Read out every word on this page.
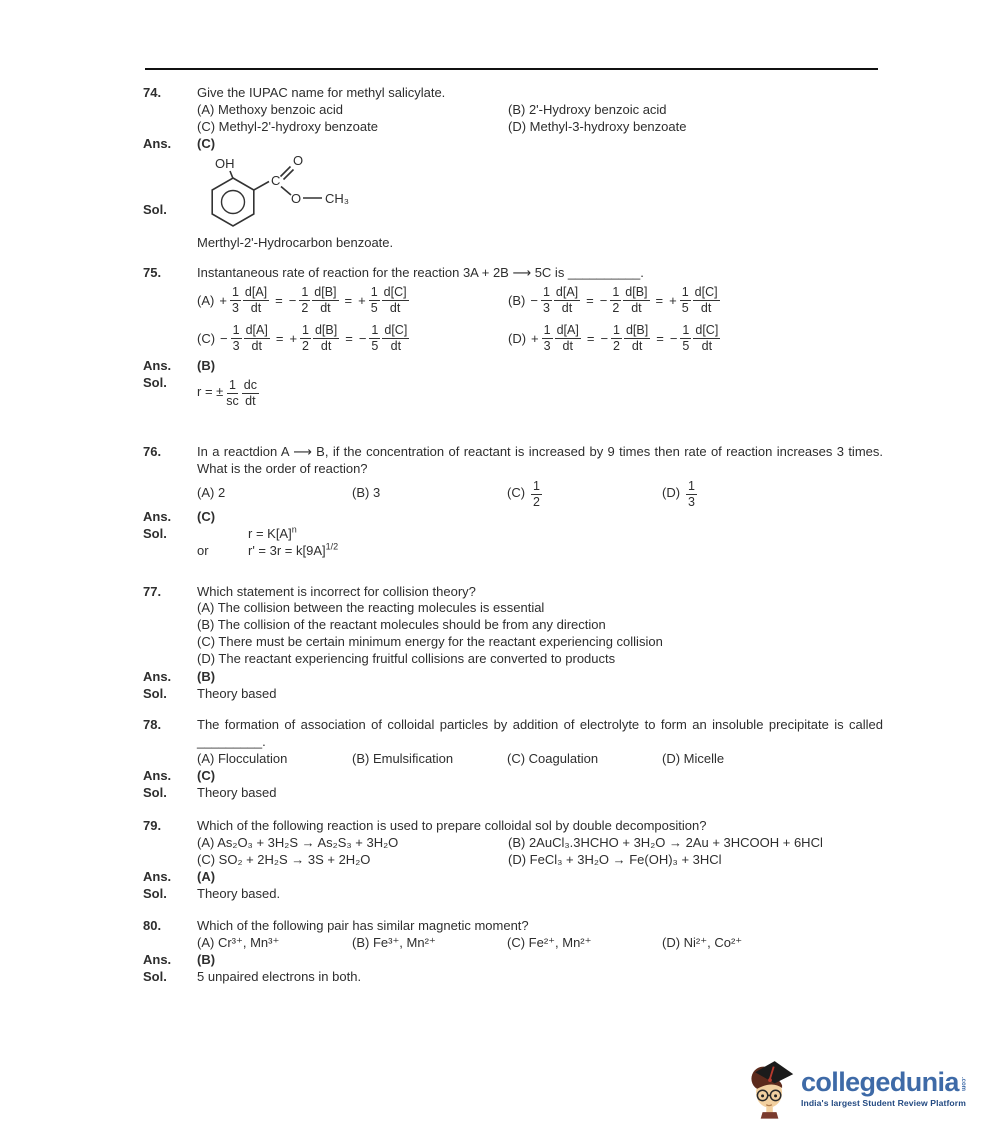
74.	Give the IUPAC name for methyl salicylate.
(A) Methoxy benzoic acid	(B) 2'-Hydroxy benzoic acid
(C) Methyl-2'-hydroxy benzoate	(D) Methyl-3-hydroxy benzoate
Ans.	(C)
Sol.
OH
C
O
O CH₃
Merthyl-2'-Hydrocarbon benzoate.
75.	Instantaneous rate of reaction for the reaction 3A + 2B ⟶ 5C is __________.
$(A) + \frac{1}{3} \frac{d[A]}{dt}$ = − $\frac{1}{2} \frac{d[B]}{dt}$ = + $\frac{1}{5} \frac{d[C]}{dt}$	$(B) - \frac{1}{3} \frac{d[A]}{dt}$ = − $\frac{1}{2} \frac{d[B]}{dt}$ = + $\frac{1}{5} \frac{d[C]}{dt}$
$(C) - \frac{1}{3} \frac{d[A]}{dt}$ = + $\frac{1}{2} \frac{d[B]}{dt}$ = − $\frac{1}{5} \frac{d[C]}{dt}$	$(D) + \frac{1}{3} \frac{d[A]}{dt}$ = − $\frac{1}{2} \frac{d[B]}{dt}$ = − $\frac{1}{5} \frac{d[C]}{dt}$
Ans.	(B)
Sol.
r = ± $\frac{1}{sc} \frac{dc}{dt}$
76.	In a reactdion A ⟶ B, if the concentration of reactant is increased by 9 times then rate of reaction increases 3 times. What is the order of reaction?
(A) 2	(B) 3	$(C) \frac{1}{2}$	$(D) \frac{1}{3}$
Ans.	(C)
Sol.	$r = K[A]^n$
or	$r' = 3r = k[9A]^{1/2}$
77.	Which statement is incorrect for collision theory?
(A) The collision between the reacting molecules is essential
(B) The collision of the reactant molecules should be from any direction
(C) There must be certain minimum energy for the reactant experiencing collision
(D) The reactant experiencing fruitful collisions are converted to products
Ans.	(B)
Sol.	Theory based
78.	The formation of association of colloidal particles by addition of electrolyte to form an insoluble precipitate is called _________.
(A) Flocculation	(B) Emulsification	(C) Coagulation	(D) Micelle
Ans.	(C)
Sol.	Theory based
79.	Which of the following reaction is used to prepare colloidal sol by double decomposition?
(A) As₂O₃ + 3H₂S → As₂S₃ + 3H₂O	(B) 2AuCl₃.3HCHO + 3H₂O → 2Au + 3HCOOH + 6HCl
(C) SO₂ + 2H₂S → 3S + 2H₂O	(D) FeCl₃ + 3H₂O → Fe(OH)₃ + 3HCl
Ans.	(A)
Sol.	Theory based.
80.	Which of the following pair has similar magnetic moment?
(A) Cr³⁺, Mn³⁺	(B) Fe³⁺, Mn²⁺	(C) Fe²⁺, Mn²⁺	(D) Ni²⁺, Co²⁺
Ans.	(B)
Sol.	5 unpaired electrons in both.
collegedunia .com
India's largest Student Review Platform
